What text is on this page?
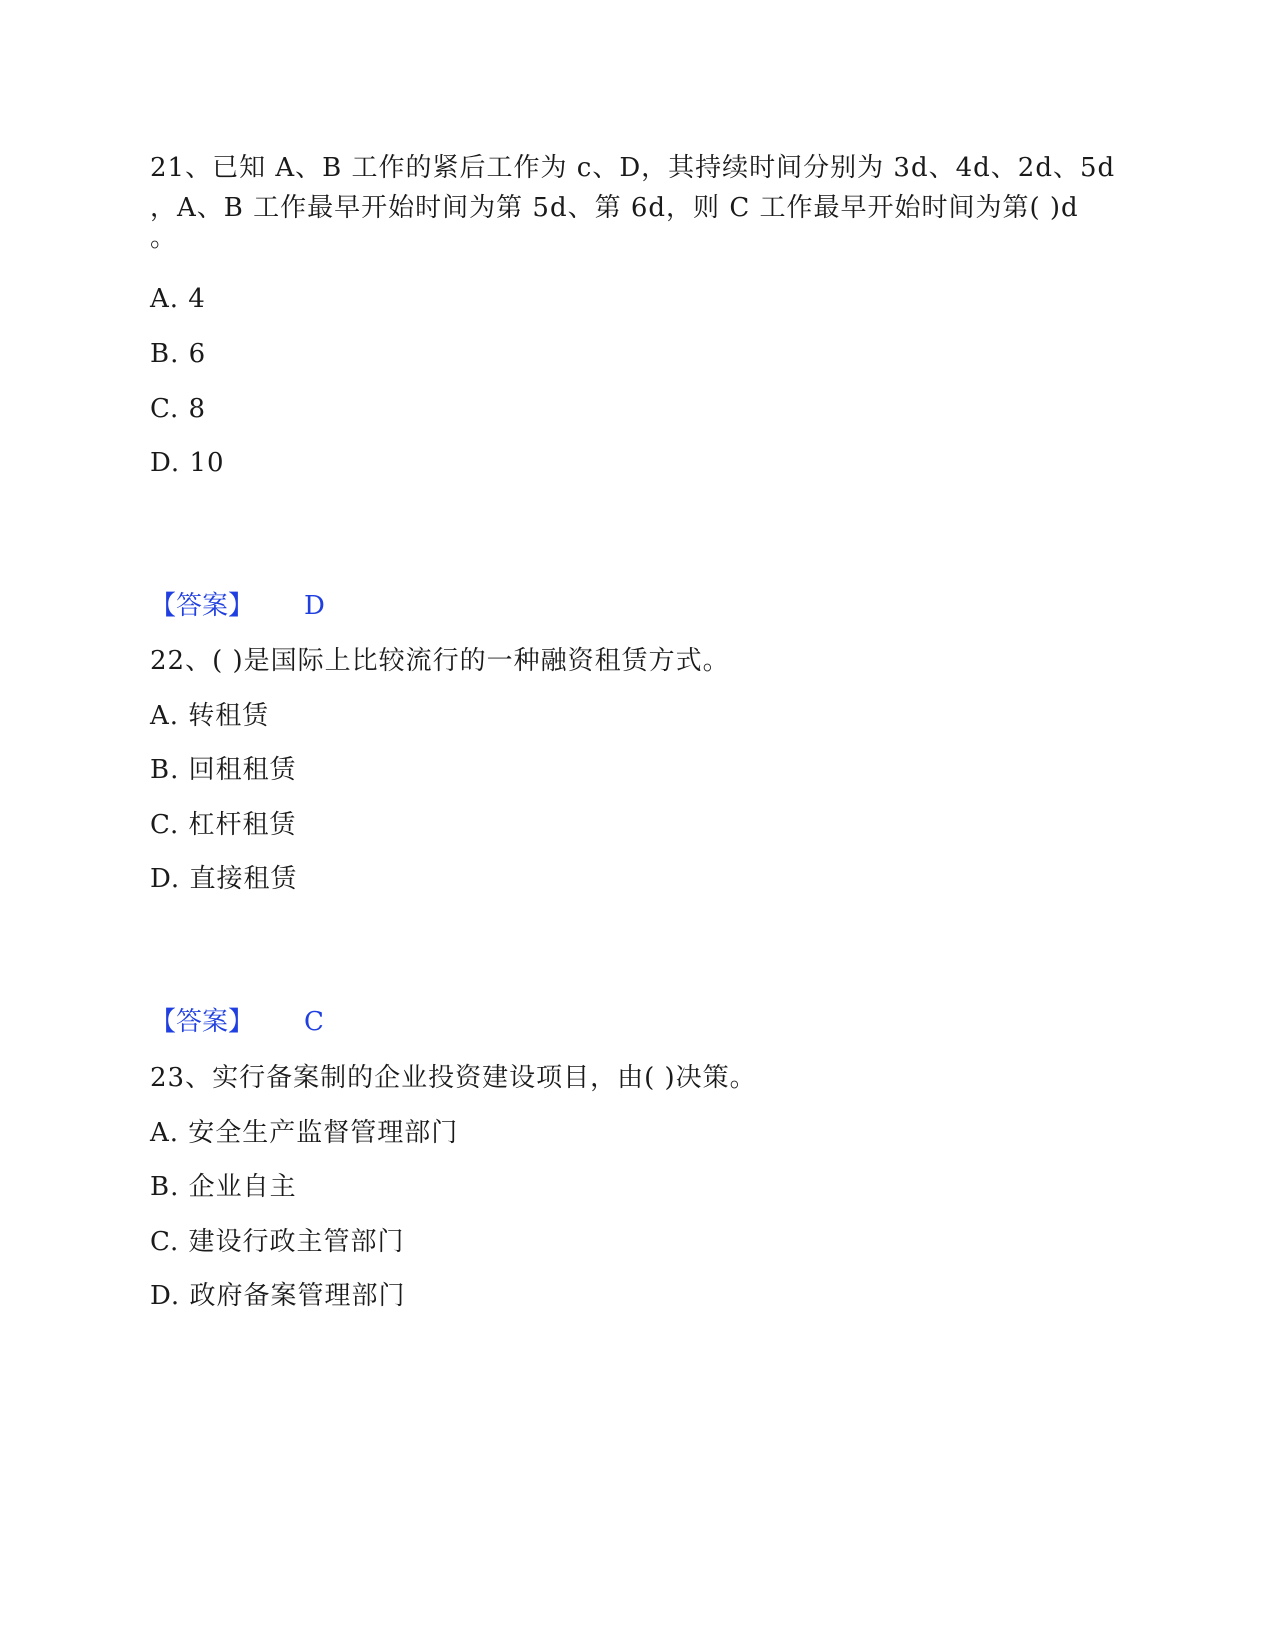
21、已知 A、B 工作的紧后工作为 c、D，其持续时间分别为 3d、4d、2d、5d
，A、B 工作最早开始时间为第 5d、第 6d，则 C 工作最早开始时间为第( )d
。
A. 4
B. 6
C. 8
D. 10
【答案】 D
22、( )是国际上比较流行的一种融资租赁方式。
A. 转租赁
B. 回租租赁
C. 杠杆租赁
D. 直接租赁
【答案】 C
23、实行备案制的企业投资建设项目，由( )决策。
A. 安全生产监督管理部门
B. 企业自主
C. 建设行政主管部门
D. 政府备案管理部门
